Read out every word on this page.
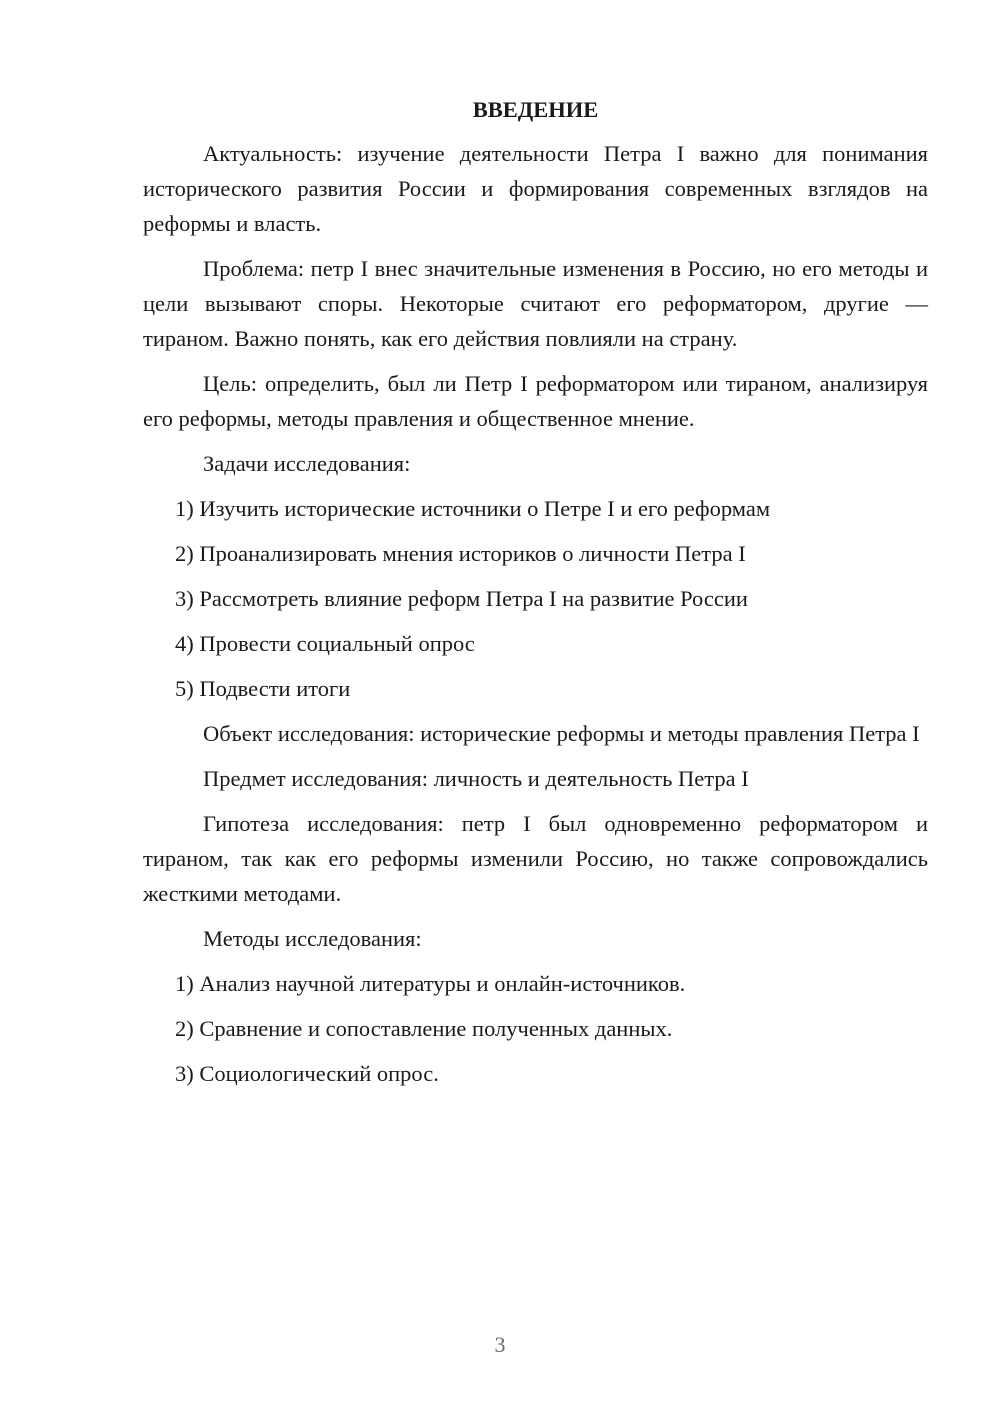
ВВЕДЕНИЕ

Актуальность: изучение деятельности Петра I важно для понимания исторического развития России и формирования современных взглядов на реформы и власть.

Проблема: петр I внес значительные изменения в Россию, но его методы и цели вызывают споры. Некоторые считают его реформатором, другие — тираном. Важно понять, как его действия повлияли на страну.

Цель: определить, был ли Петр I реформатором или тираном, анализируя его реформы, методы правления и общественное мнение.

Задачи исследования:

1) Изучить исторические источники о Петре I и его реформам

2) Проанализировать мнения историков о личности Петра I

3) Рассмотреть влияние реформ Петра I на развитие России

4) Провести социальный опрос

5) Подвести итоги

Объект исследования: исторические реформы и методы правления Петра I

Предмет исследования: личность и деятельность Петра I

Гипотеза исследования: петр I был одновременно реформатором и тираном, так как его реформы изменили Россию, но также сопровождались жесткими методами.

Методы исследования:

1) Анализ научной литературы и онлайн-источников.

2) Сравнение и сопоставление полученных данных.

3) Социологический опрос.

3
